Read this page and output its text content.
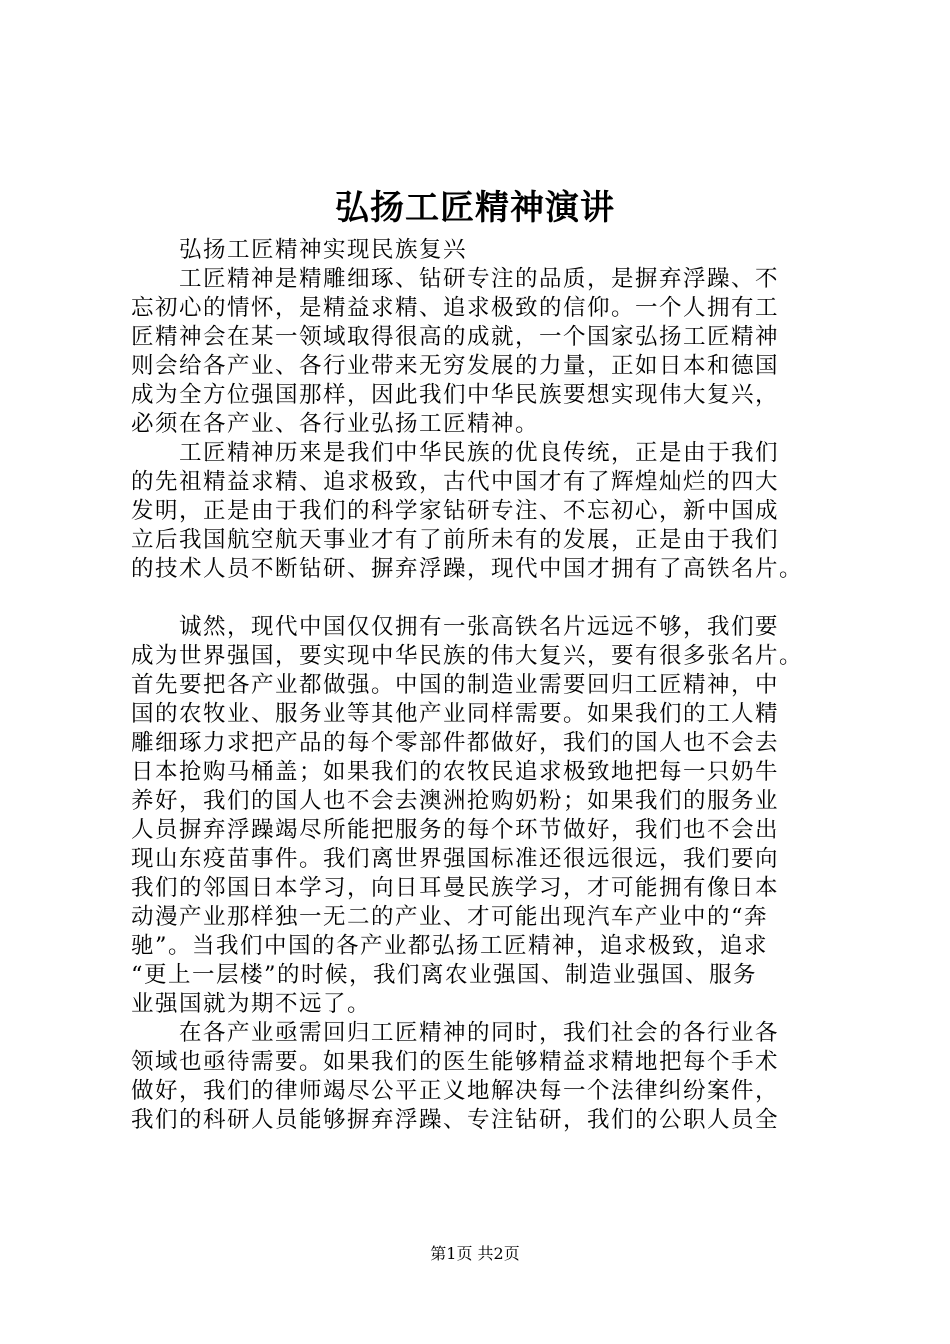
弘扬工匠精神演讲
　　弘扬工匠精神实现民族复兴
　　工匠精神是精雕细琢、钻研专注的品质，是摒弃浮躁、不
忘初心的情怀，是精益求精、追求极致的信仰。一个人拥有工
匠精神会在某一领域取得很高的成就，一个国家弘扬工匠精神
则会给各产业、各行业带来无穷发展的力量，正如日本和德国
成为全方位强国那样，因此我们中华民族要想实现伟大复兴，
必须在各产业、各行业弘扬工匠精神。
　　工匠精神历来是我们中华民族的优良传统，正是由于我们
的先祖精益求精、追求极致，古代中国才有了辉煌灿烂的四大
发明，正是由于我们的科学家钻研专注、不忘初心，新中国成
立后我国航空航天事业才有了前所未有的发展，正是由于我们
的技术人员不断钻研、摒弃浮躁，现代中国才拥有了高铁名片。
　　诚然，现代中国仅仅拥有一张高铁名片远远不够，我们要
成为世界强国，要实现中华民族的伟大复兴，要有很多张名片。
首先要把各产业都做强。中国的制造业需要回归工匠精神，中
国的农牧业、服务业等其他产业同样需要。如果我们的工人精
雕细琢力求把产品的每个零部件都做好，我们的国人也不会去
日本抢购马桶盖；如果我们的农牧民追求极致地把每一只奶牛
养好，我们的国人也不会去澳洲抢购奶粉；如果我们的服务业
人员摒弃浮躁竭尽所能把服务的每个环节做好，我们也不会出
现山东疫苗事件。我们离世界强国标准还很远很远，我们要向
我们的邻国日本学习，向日耳曼民族学习，才可能拥有像日本
动漫产业那样独一无二的产业、才可能出现汽车产业中的“奔
驰”。当我们中国的各产业都弘扬工匠精神，追求极致，追求
“更上一层楼”的时候，我们离农业强国、制造业强国、服务
业强国就为期不远了。
　　在各产业亟需回归工匠精神的同时，我们社会的各行业各
领域也亟待需要。如果我们的医生能够精益求精地把每个手术
做好，我们的律师竭尽公平正义地解决每一个法律纠纷案件，
我们的科研人员能够摒弃浮躁、专注钻研，我们的公职人员全
第1页 共2页
